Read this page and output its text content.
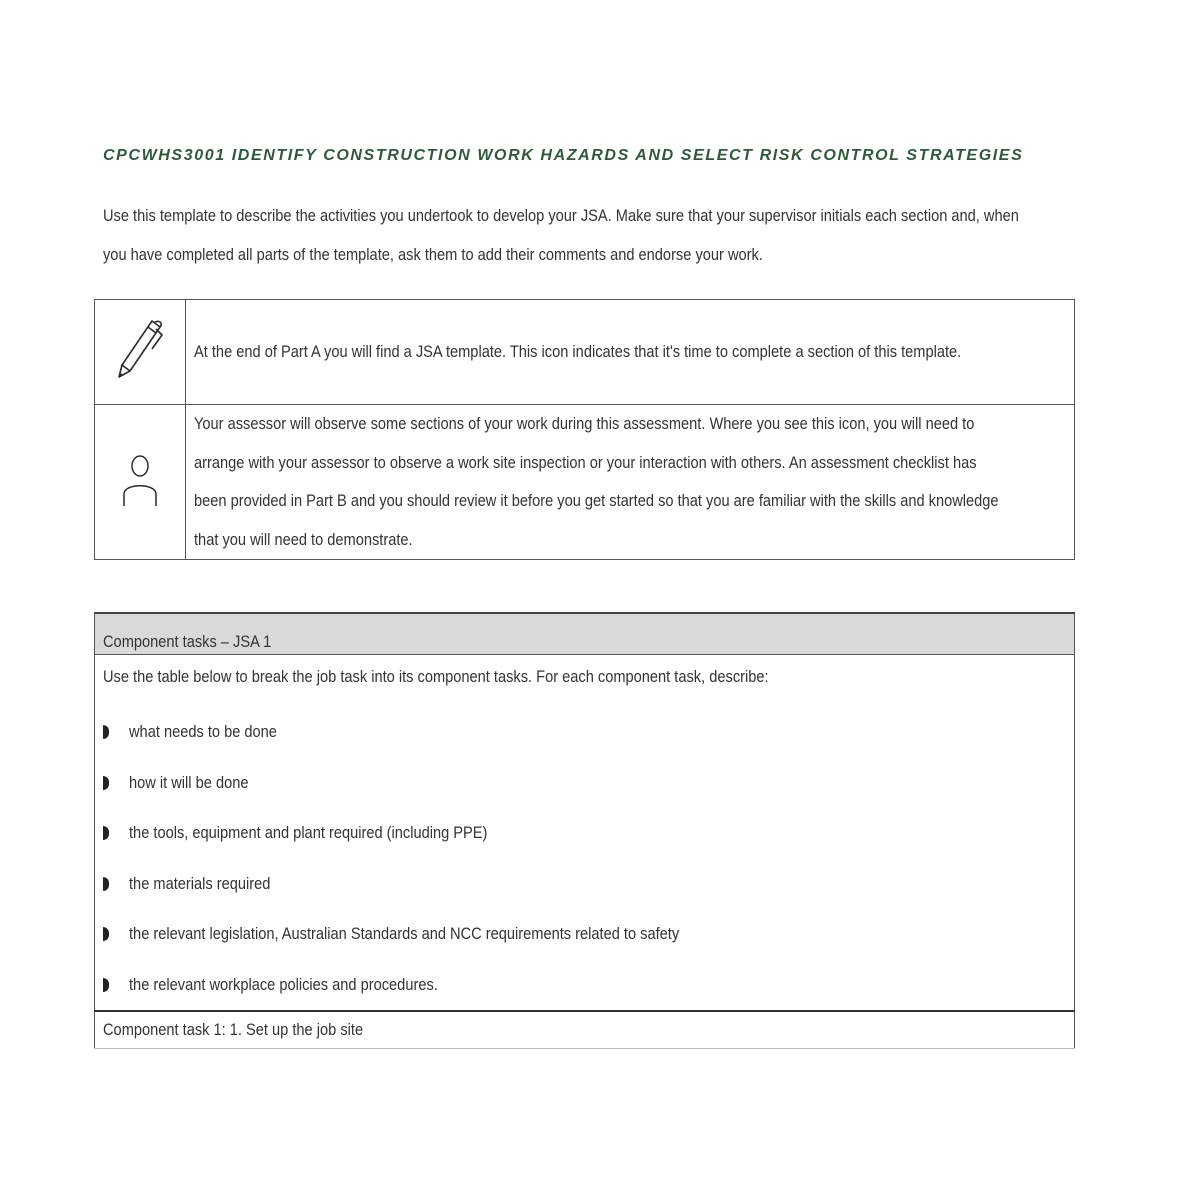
CPCWHS3001 IDENTIFY CONSTRUCTION WORK HAZARDS AND SELECT RISK CONTROL STRATEGIES

Use this template to describe the activities you undertook to develop your JSA. Make sure that your supervisor initials each section and, when

you have completed all parts of the template, ask them to add their comments and endorse your work.

At the end of Part A you will find a JSA template. This icon indicates that it's time to complete a section of this template.

Your assessor will observe some sections of your work during this assessment. Where you see this icon, you will need to
arrange with your assessor to observe a work site inspection or your interaction with others. An assessment checklist has
been provided in Part B and you should review it before you get started so that you are familiar with the skills and knowledge
that you will need to demonstrate.
Component tasks – JSA 1

Use the table below to break the job task into its component tasks. For each component task, describe:
what needs to be done
how it will be done
the tools, equipment and plant required (including PPE)
the materials required
the relevant legislation, Australian Standards and NCC requirements related to safety
the relevant workplace policies and procedures.

Component task 1: 1. Set up the job site
